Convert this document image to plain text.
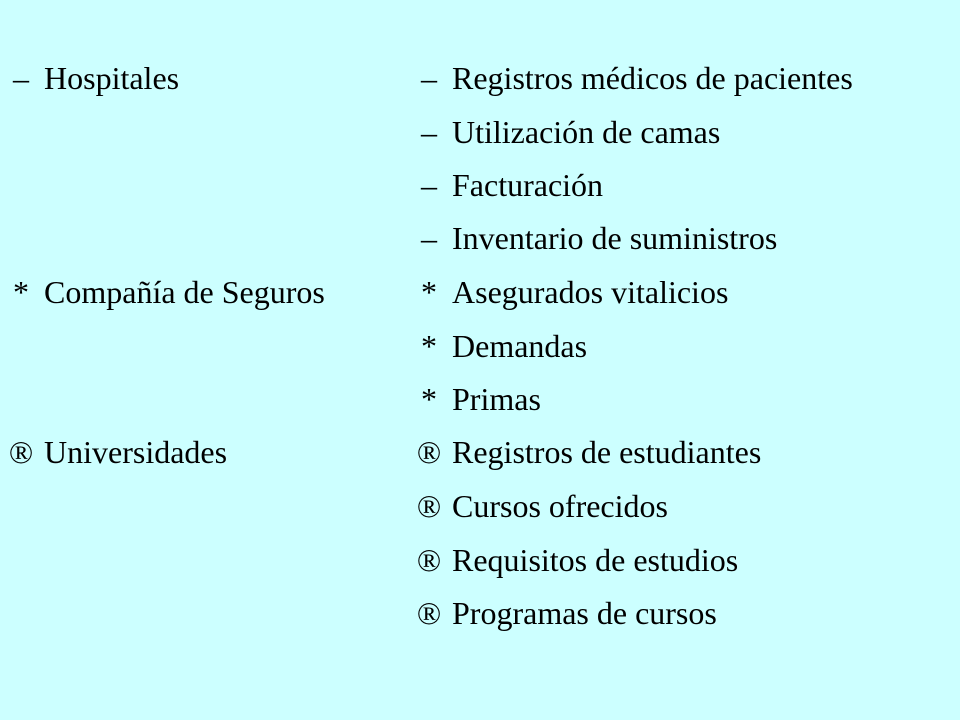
– Hospitales
* Compañía de Seguros
® Universidades
– Registros médicos de pacientes
– Utilización de camas
– Facturación
– Inventario de suministros
* Asegurados vitalicios
* Demandas
* Primas
® Registros de estudiantes
® Cursos ofrecidos
® Requisitos de estudios
® Programas de cursos
